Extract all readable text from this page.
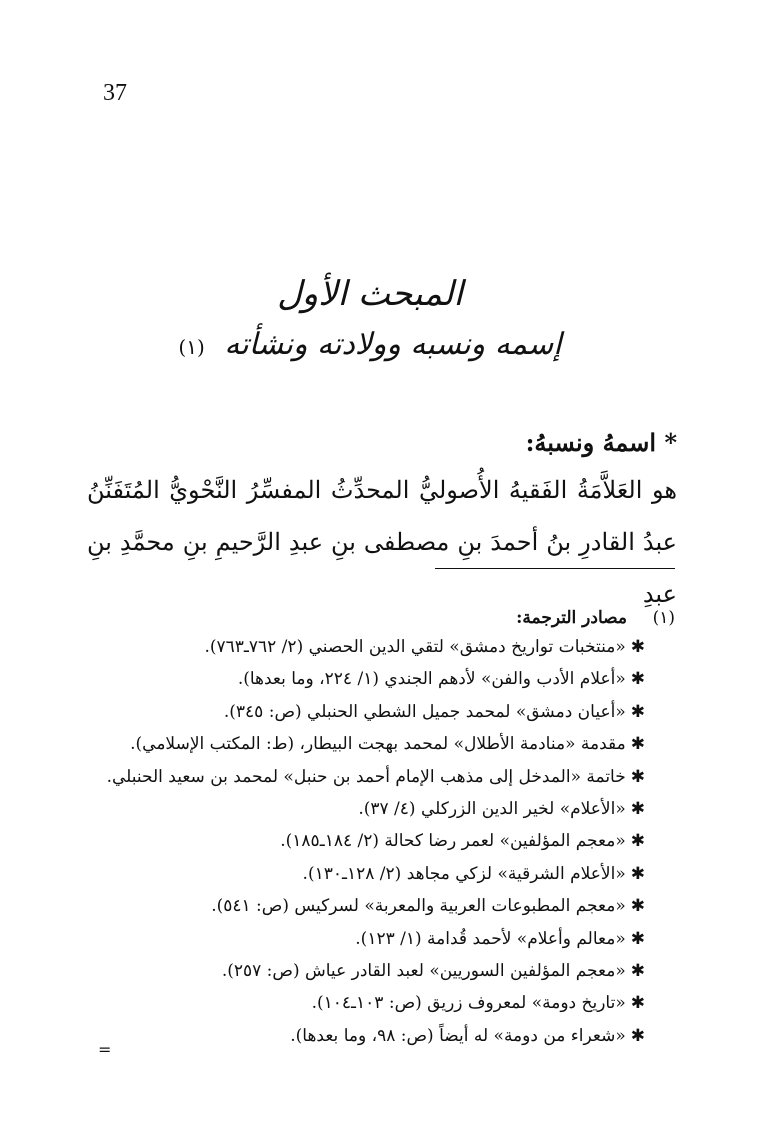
37
المبحث الأول
إسمه ونسبه وولادته ونشأته (١)
* اسمهُ ونسبهُ:
هو العَلاَّمَةُ الفَقيهُ الأُصوليُّ المحدِّثُ المفسِّرُ النَّحْويُّ المُتَفَنِّنُ
عبدُ القادرِ بنُ أحمدَ بنِ مصطفى بنِ عبدِ الرَّحيمِ بنِ محمَّدِ بنِ عبدِ
(١)مصادر الترجمة:
✱«منتخبات تواريخ دمشق» لتقي الدين الحصني (٢/ ٧٦٢ـ٧٦٣).
✱«أعلام الأدب والفن» لأدهم الجندي (١/ ٢٢٤، وما بعدها).
✱«أعيان دمشق» لمحمد جميل الشطي الحنبلي (ص: ٣٤٥).
✱مقدمة «منادمة الأطلال» لمحمد بهجت البيطار، (ط: المكتب الإسلامي).
✱خاتمة «المدخل إلى مذهب الإمام أحمد بن حنبل» لمحمد بن سعيد الحنبلي.
✱«الأعلام» لخير الدين الزركلي (٤/ ٣٧).
✱«معجم المؤلفين» لعمر رضا كحالة (٢/ ١٨٤ـ١٨٥).
✱«الأعلام الشرقية» لزكي مجاهد (٢/ ١٢٨ـ١٣٠).
✱«معجم المطبوعات العربية والمعربة» لسركيس (ص: ٥٤١).
✱«معالم وأعلام» لأحمد قُدامة (١/ ١٢٣).
✱«معجم المؤلفين السوريين» لعبد القادر عياش (ص: ٢٥٧).
✱«تاريخ دومة» لمعروف زريق (ص: ١٠٣ـ١٠٤).
✱«شعراء من دومة» له أيضاً (ص: ٩٨، وما بعدها).
=
